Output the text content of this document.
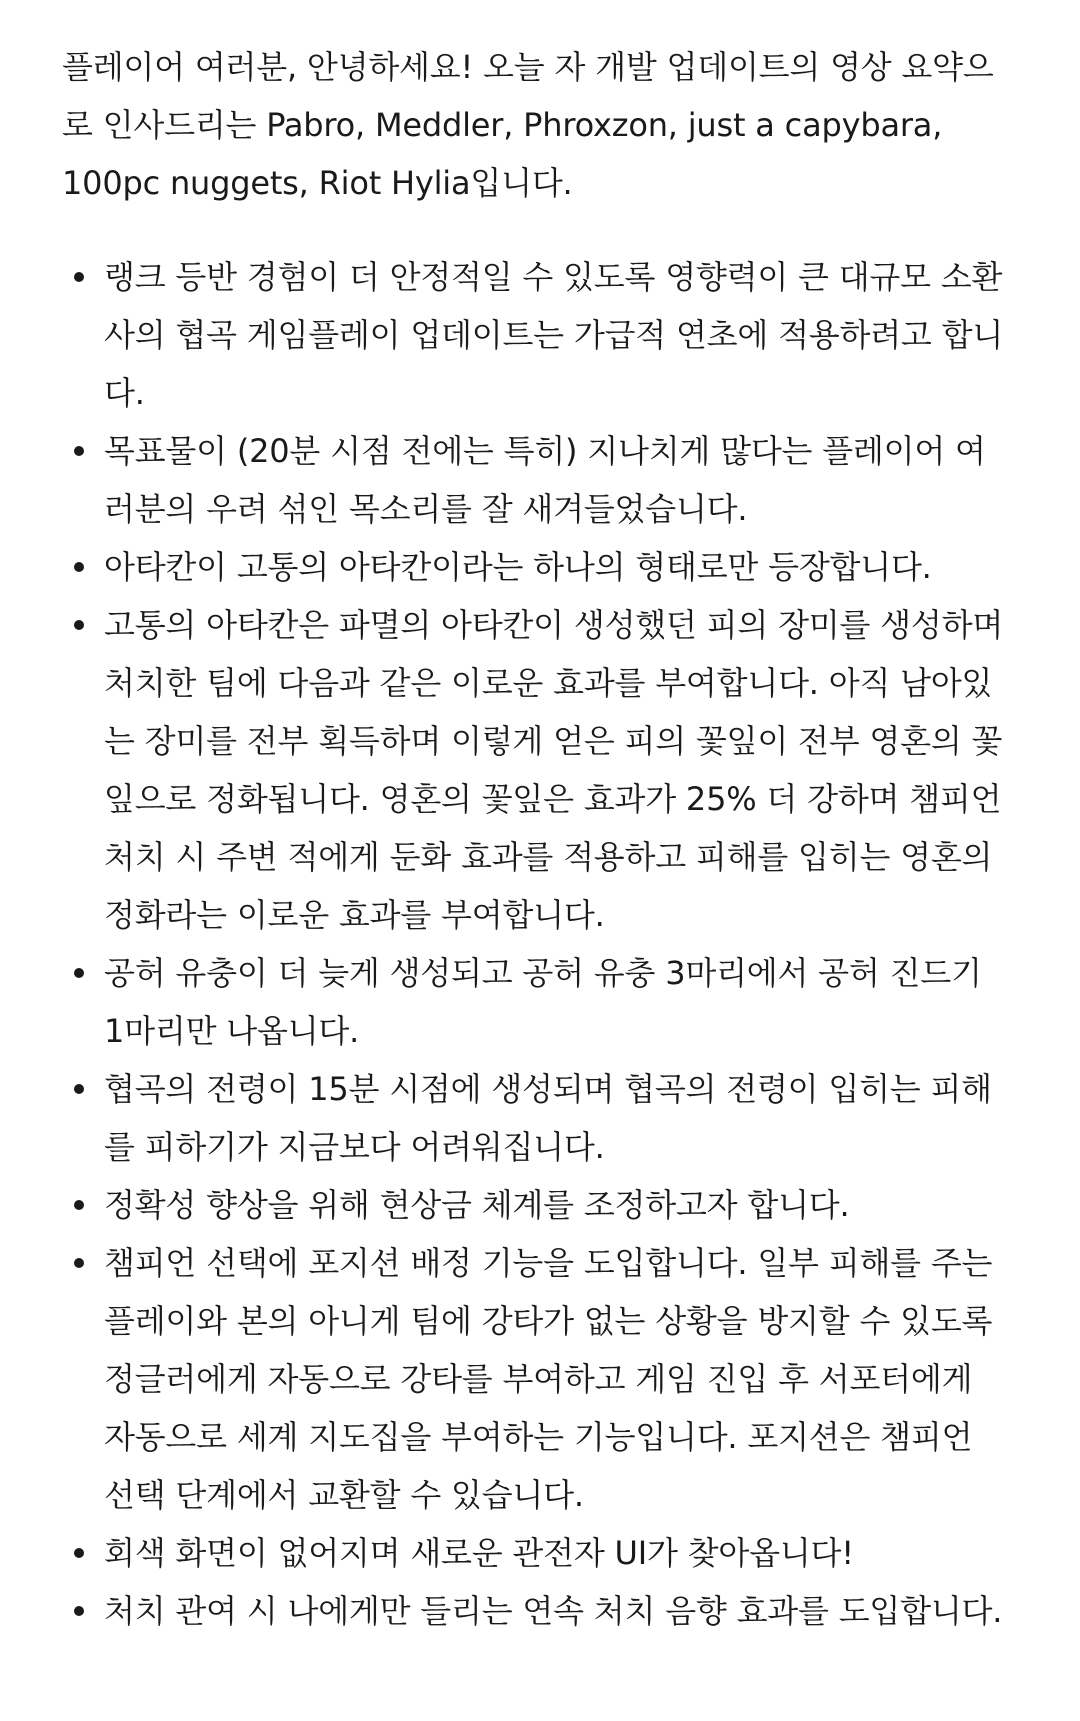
플레이어 여러분, 안녕하세요! 오늘 자 개발 업데이트의 영상 요약으로 인사드리는 Pabro, Meddler, Phroxzon, just a capybara, 100pc nuggets, Riot Hylia입니다.

랭크 등반 경험이 더 안정적일 수 있도록 영향력이 큰 대규모 소환사의 협곡 게임플레이 업데이트는 가급적 연초에 적용하려고 합니다.
목표물이 (20분 시점 전에는 특히) 지나치게 많다는 플레이어 여러분의 우려 섞인 목소리를 잘 새겨들었습니다.
아타칸이 고통의 아타칸이라는 하나의 형태로만 등장합니다.
고통의 아타칸은 파멸의 아타칸이 생성했던 피의 장미를 생성하며 처치한 팀에 다음과 같은 이로운 효과를 부여합니다. 아직 남아있는 장미를 전부 획득하며 이렇게 얻은 피의 꽃잎이 전부 영혼의 꽃잎으로 정화됩니다. 영혼의 꽃잎은 효과가 25% 더 강하며 챔피언 처치 시 주변 적에게 둔화 효과를 적용하고 피해를 입히는 영혼의 정화라는 이로운 효과를 부여합니다.
공허 유충이 더 늦게 생성되고 공허 유충 3마리에서 공허 진드기 1마리만 나옵니다.
협곡의 전령이 15분 시점에 생성되며 협곡의 전령이 입히는 피해를 피하기가 지금보다 어려워집니다.
정확성 향상을 위해 현상금 체계를 조정하고자 합니다.
챔피언 선택에 포지션 배정 기능을 도입합니다. 일부 피해를 주는 플레이와 본의 아니게 팀에 강타가 없는 상황을 방지할 수 있도록 정글러에게 자동으로 강타를 부여하고 게임 진입 후 서포터에게 자동으로 세계 지도집을 부여하는 기능입니다. 포지션은 챔피언 선택 단계에서 교환할 수 있습니다.
회색 화면이 없어지며 새로운 관전자 UI가 찾아옵니다!
처치 관여 시 나에게만 들리는 연속 처치 음향 효과를 도입합니다.
